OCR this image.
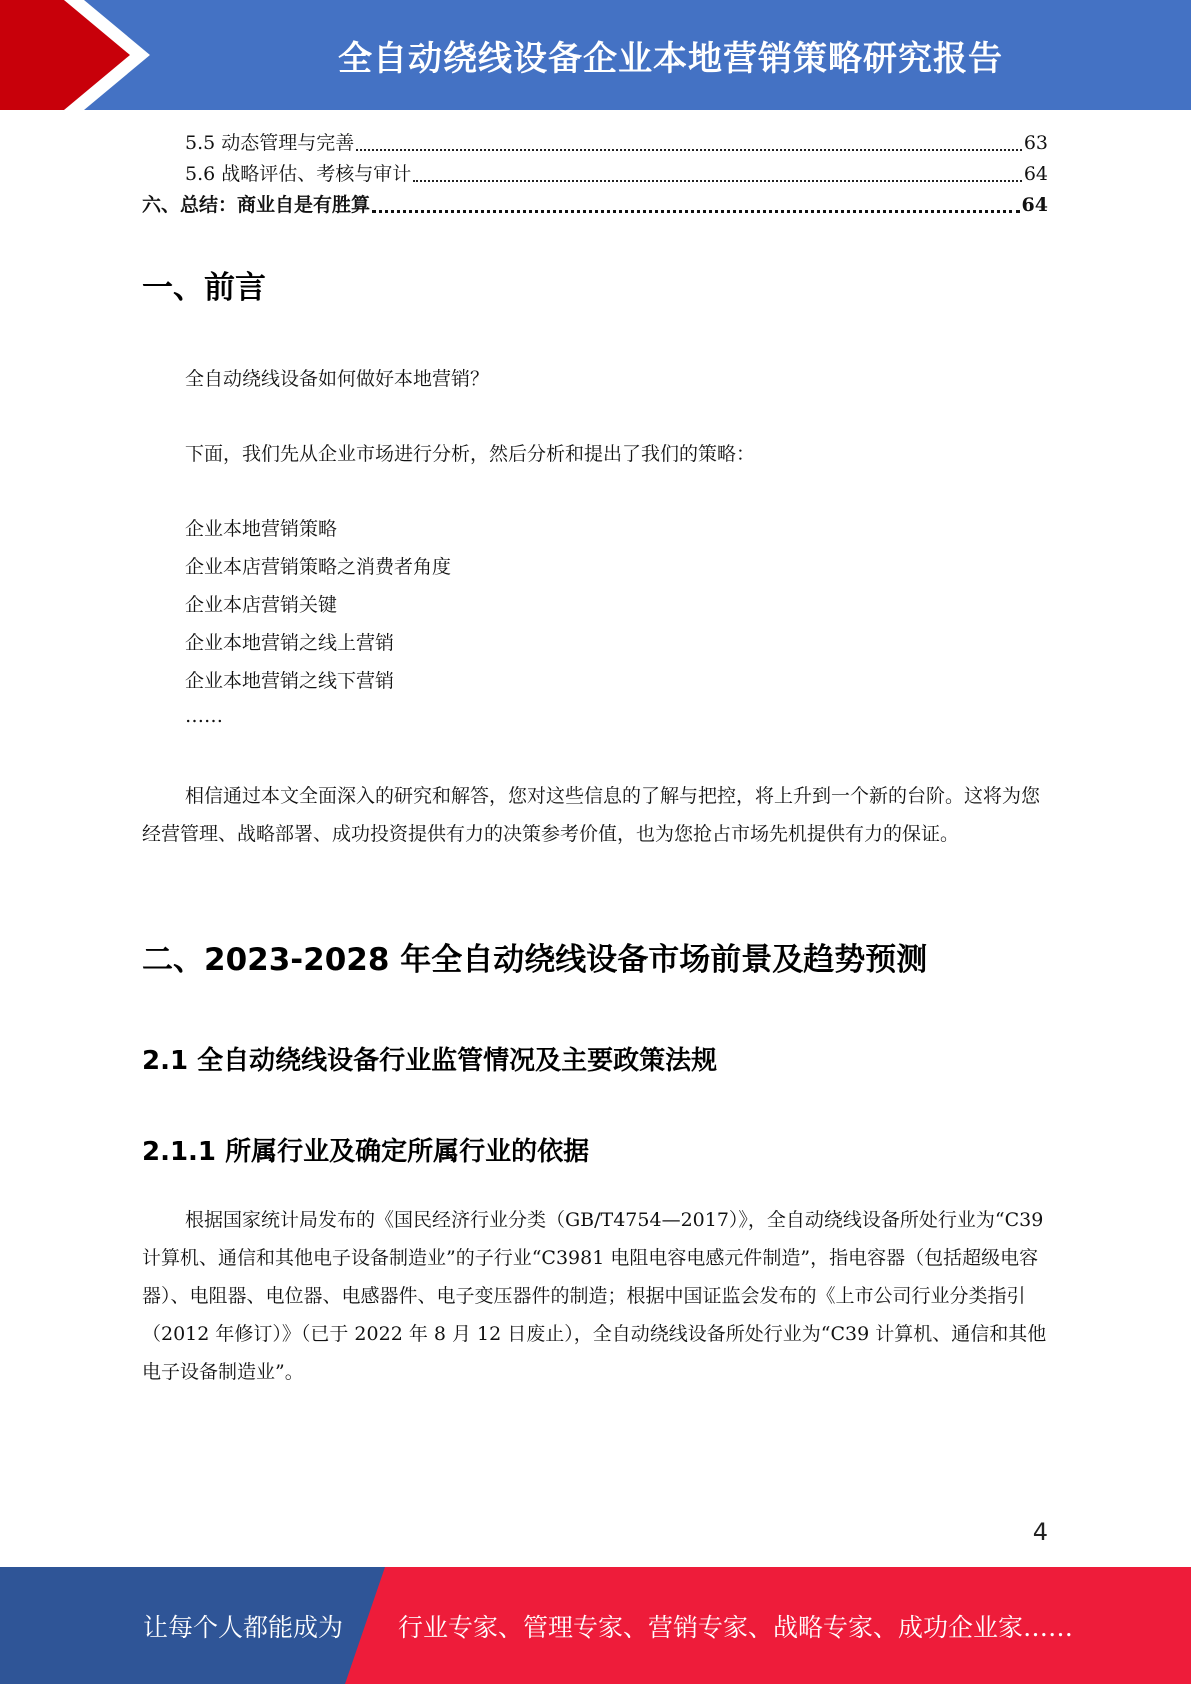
全自动绕线设备企业本地营销策略研究报告
5.5 动态管理与完善	63
5.6 战略评估、考核与审计	64
六、总结：商业自是有胜算	64
一、前言
全自动绕线设备如何做好本地营销？
下面，我们先从企业市场进行分析，然后分析和提出了我们的策略：
企业本地营销策略
企业本店营销策略之消费者角度
企业本店营销关键
企业本地营销之线上营销
企业本地营销之线下营销
……
相信通过本文全面深入的研究和解答，您对这些信息的了解与把控，将上升到一个新的台阶。这将为您经营管理、战略部署、成功投资提供有力的决策参考价值，也为您抢占市场先机提供有力的保证。
二、2023-2028 年全自动绕线设备市场前景及趋势预测
2.1 全自动绕线设备行业监管情况及主要政策法规
2.1.1 所属行业及确定所属行业的依据
根据国家统计局发布的《国民经济行业分类（GB/T4754—2017）》，全自动绕线设备所处行业为“C39 计算机、通信和其他电子设备制造业”的子行业“C3981 电阻电容电感元件制造”，指电容器（包括超级电容器）、电阻器、电位器、电感器件、电子变压器件的制造；根据中国证监会发布的《上市公司行业分类指引（2012 年修订）》（已于 2022 年 8 月 12 日废止），全自动绕线设备所处行业为“C39 计算机、通信和其他电子设备制造业”。
4
让每个人都能成为 行业专家、管理专家、营销专家、战略专家、成功企业家……
